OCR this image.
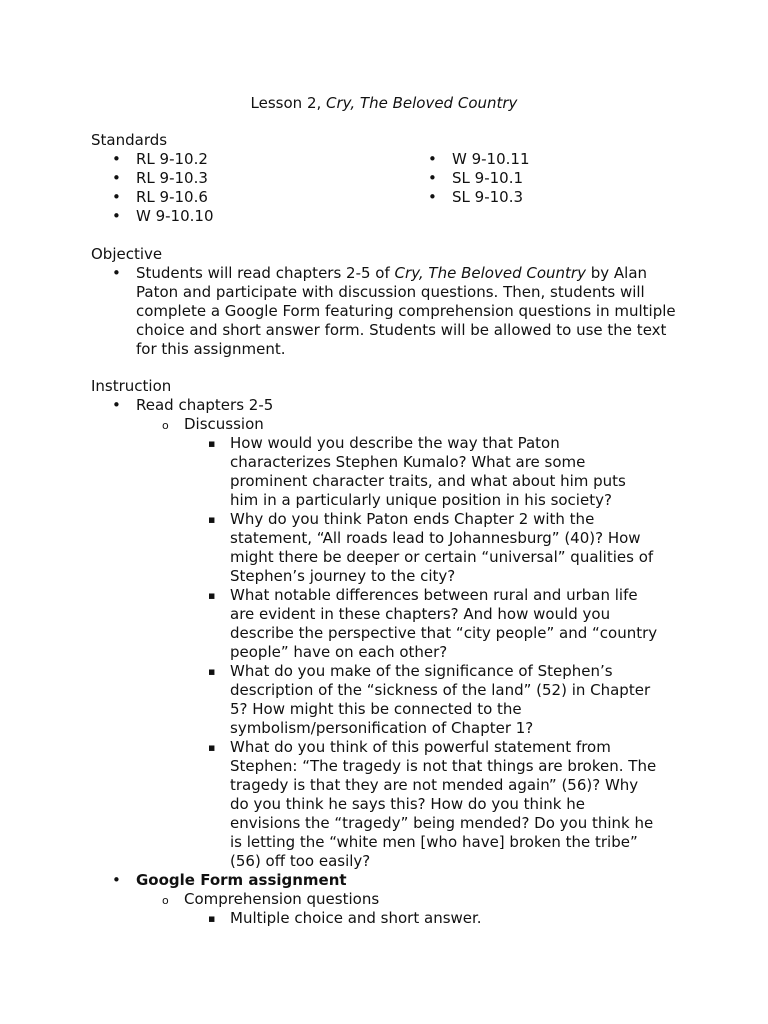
Lesson 2, Cry, The Beloved Country
Standards
• RL 9-10.2
• RL 9-10.3
• RL 9-10.6
• W 9-10.10
• W 9-10.11
• SL 9-10.1
• SL 9-10.3
Objective
• Students will read chapters 2-5 of Cry, The Beloved Country by Alan Paton and participate with discussion questions. Then, students will complete a Google Form featuring comprehension questions in multiple choice and short answer form. Students will be allowed to use the text for this assignment.
Instruction
• Read chapters 2-5
o Discussion
▪ How would you describe the way that Paton characterizes Stephen Kumalo? What are some prominent character traits, and what about him puts him in a particularly unique position in his society?
▪ Why do you think Paton ends Chapter 2 with the statement, “All roads lead to Johannesburg” (40)? How might there be deeper or certain “universal” qualities of Stephen’s journey to the city?
▪ What notable differences between rural and urban life are evident in these chapters? And how would you describe the perspective that “city people” and “country people” have on each other?
▪ What do you make of the significance of Stephen’s description of the “sickness of the land” (52) in Chapter 5? How might this be connected to the symbolism/personification of Chapter 1?
▪ What do you think of this powerful statement from Stephen: “The tragedy is not that things are broken. The tragedy is that they are not mended again” (56)? Why do you think he says this? How do you think he envisions the “tragedy” being mended? Do you think he is letting the “white men [who have] broken the tribe” (56) off too easily?
• Google Form assignment
o Comprehension questions
▪ Multiple choice and short answer.
